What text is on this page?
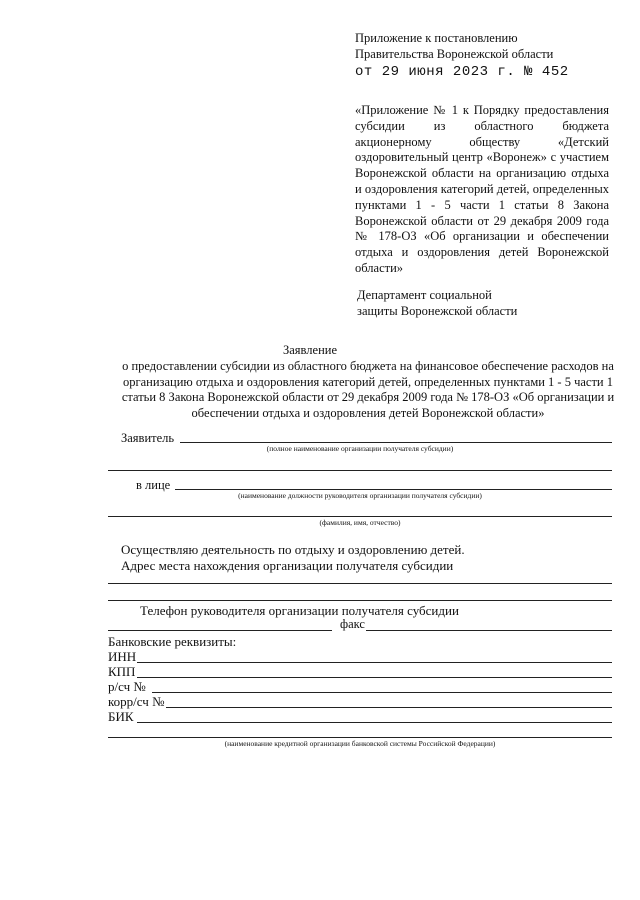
Приложение к постановлению
Правительства Воронежской области
от 29 июня 2023 г. № 452
«Приложение № 1 к Порядку предоставления субсидии из областного бюджета акционерному обществу «Детский оздоровительный центр «Воронеж» с участием Воронежской области на организацию отдыха и оздоровления категорий детей, определенных пунктами 1 - 5 части 1 статьи 8 Закона Воронежской области от 29 декабря 2009 года № 178-ОЗ «Об организации и обеспечении отдыха и оздоровления детей Воронежской области»
Департамент социальной
защиты Воронежской области
Заявление
о предоставлении субсидии из областного бюджета на финансовое обеспечение расходов на организацию отдыха и оздоровления категорий детей, определенных пунктами 1 - 5 части 1 статьи 8 Закона Воронежской области от 29 декабря 2009 года № 178-ОЗ «Об организации и обеспечении отдыха и оздоровления детей Воронежской области»
Заявитель
(полное наименование организации получателя субсидии)
в лице
(наименование должности руководителя организации получателя субсидии)
(фамилия, имя, отчество)
Осуществляю деятельность по отдыху и оздоровлению детей.
Адрес места нахождения организации получателя субсидии
Телефон руководителя организации получателя субсидии
факс
Банковские реквизиты:
ИНН
КПП
р/сч №
корр/сч №
БИК
(наименование кредитной организации банковской системы Российской Федерации)
